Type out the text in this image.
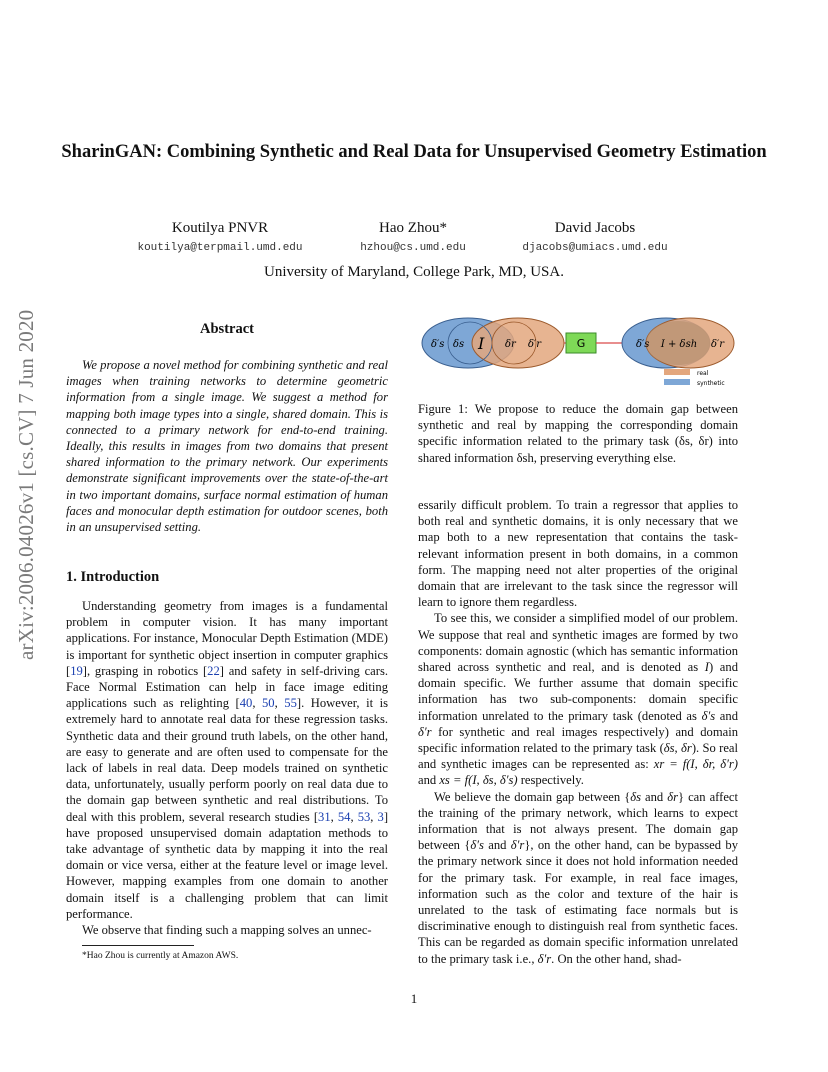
arXiv:2006.04026v1 [cs.CV] 7 Jun 2020
SharinGAN: Combining Synthetic and Real Data for Unsupervised Geometry Estimation
Koutilya PNVR	Hao Zhou*	David Jacobs
koutilya@terpmail.umd.edu	hzhou@cs.umd.edu	djacobs@umiacs.umd.edu
University of Maryland, College Park, MD, USA.
Abstract

We propose a novel method for combining synthetic and real images when training networks to determine geometric information from a single image. We suggest a method for mapping both image types into a single, shared domain. This is connected to a primary network for end-to-end training. Ideally, this results in images from two domains that present shared information to the primary network. Our experiments demonstrate significant improvements over the state-of-the-art in two important domains, surface normal estimation of human faces and monocular depth estimation for outdoor scenes, both in an unsupervised setting.

1. Introduction

Understanding geometry from images is a fundamental problem in computer vision. It has many important applications. For instance, Monocular Depth Estimation (MDE) is important for synthetic object insertion in computer graphics [19], grasping in robotics [22] and safety in self-driving cars. Face Normal Estimation can help in face image editing applications such as relighting [40, 50, 55]. However, it is extremely hard to annotate real data for these regression tasks. Synthetic data and their ground truth labels, on the other hand, are easy to generate and are often used to compensate for the lack of labels in real data. Deep models trained on synthetic data, unfortunately, usually perform poorly on real data due to the domain gap between synthetic and real distributions. To deal with this problem, several research studies [31, 54, 53, 3] have proposed unsupervised domain adaptation methods to take advantage of synthetic data by mapping it into the real domain or vice versa, either at the feature level or image level. However, mapping examples from one domain to another domain itself is a challenging problem that can limit performance.

We observe that finding such a mapping solves an unnec-

*Hao Zhou is currently at Amazon AWS.
δ′s δs I δr δ′r	G	δ′s I + δsh δ′r
real
synthetic
Figure 1: We propose to reduce the domain gap between synthetic and real by mapping the corresponding domain specific information related to the primary task (δs, δr) into shared information δsh, preserving everything else.

essarily difficult problem. To train a regressor that applies to both real and synthetic domains, it is only necessary that we map both to a new representation that contains the task-relevant information present in both domains, in a common form. The mapping need not alter properties of the original domain that are irrelevant to the task since the regressor will learn to ignore them regardless.

To see this, we consider a simplified model of our problem. We suppose that real and synthetic images are formed by two components: domain agnostic (which has semantic information shared across synthetic and real, and is denoted as I) and domain specific. We further assume that domain specific information has two sub-components: domain specific information unrelated to the primary task (denoted as δ′s and δ′r for synthetic and real images respectively) and domain specific information related to the primary task (δs, δr). So real and synthetic images can be represented as: xr = f(I, δr, δ′r) and xs = f(I, δs, δ′s) respectively.

We believe the domain gap between {δs and δr} can affect the training of the primary network, which learns to expect information that is not always present. The domain gap between {δ′s and δ′r}, on the other hand, can be bypassed by the primary network since it does not hold information needed for the primary task. For example, in real face images, information such as the color and texture of the hair is unrelated to the task of estimating face normals but is discriminative enough to distinguish real from synthetic faces. This can be regarded as domain specific information unrelated to the primary task i.e., δ′r. On the other hand, shad-

1
